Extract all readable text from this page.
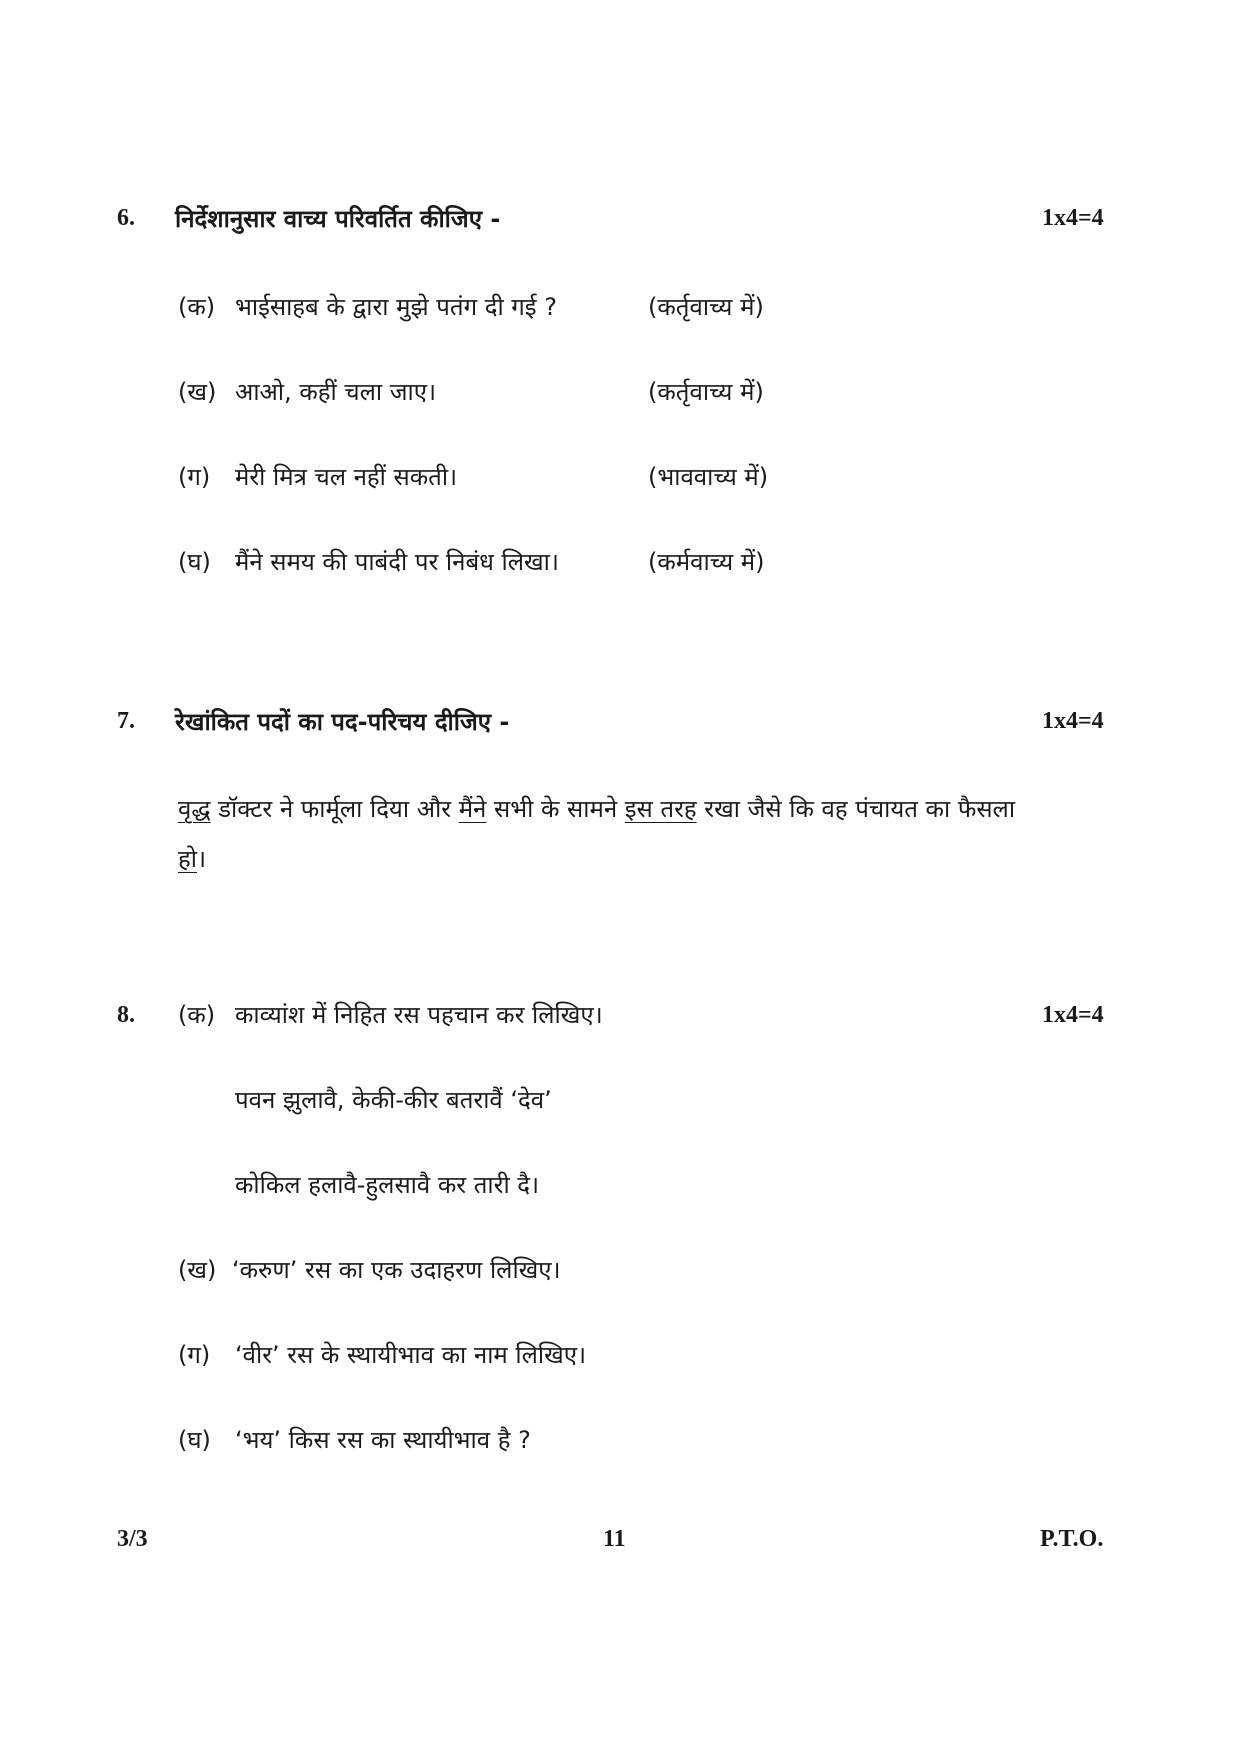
6. निर्देशानुसार वाच्य परिवर्तित कीजिए -	1x4=4
(क) भाईसाहब के द्वारा मुझे पतंग दी गई ?	(कर्तृवाच्य में)
(ख) आओ, कहीं चला जाए।	(कर्तृवाच्य में)
(ग) मेरी मित्र चल नहीं सकती।	(भाववाच्य में)
(घ) मैंने समय की पाबंदी पर निबंध लिखा।	(कर्मवाच्य में)
7. रेखांकित पदों का पद-परिचय दीजिए -	1x4=4
वृद्ध डॉक्टर ने फार्मूला दिया और मैंने सभी के सामने इस तरह रखा जैसे कि वह पंचायत का फैसला
हो।
8. (क) काव्यांश में निहित रस पहचान कर लिखिए।	1x4=4
पवन झुलावै, केकी-कीर बतरावैं ‘देव’
कोकिल हलावै-हुलसावै कर तारी दै।
(ख) ‘करुण’ रस का एक उदाहरण लिखिए।
(ग) ‘वीर’ रस के स्थायीभाव का नाम लिखिए।
(घ) ‘भय’ किस रस का स्थायीभाव है ?
3/3	11	P.T.O.
